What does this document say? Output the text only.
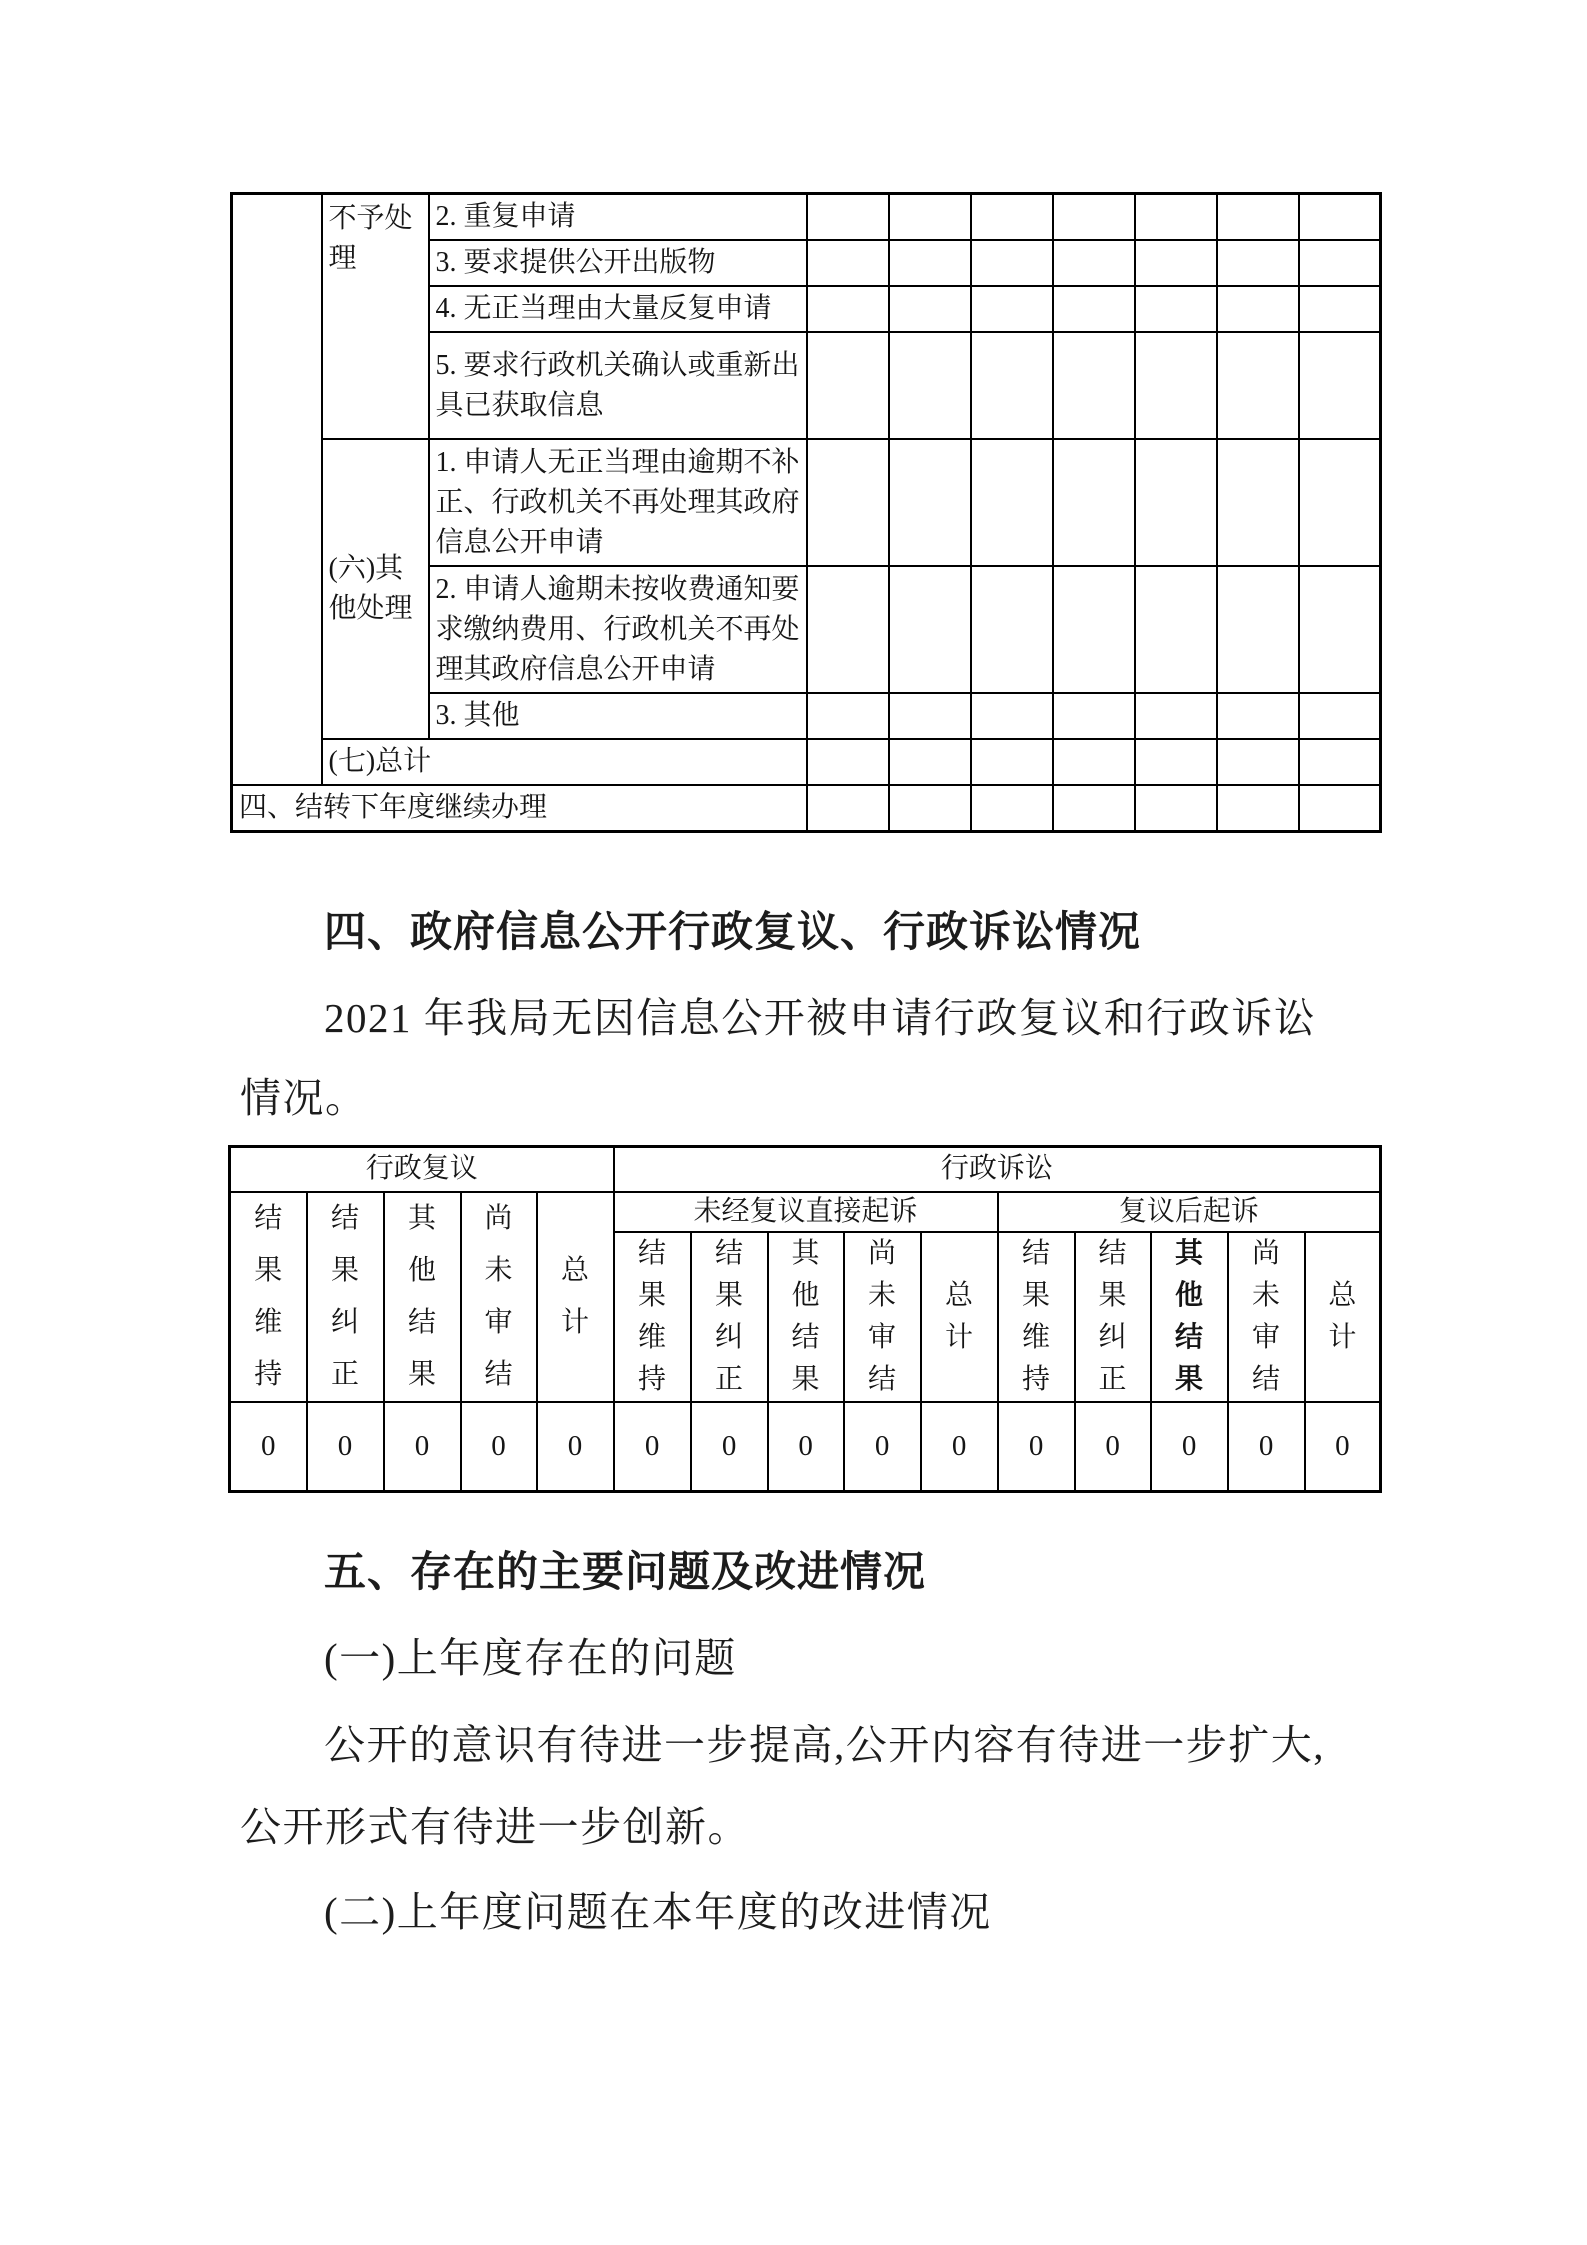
	不予处理	2. 重复申请							
		3. 要求提供公开出版物							
		4. 无正当理由大量反复申请							
		5. 要求行政机关确认或重新出具已获取信息							
	(六)其他处理	1. 申请人无正当理由逾期不补正、行政机关不再处理其政府信息公开申请							
		2. 申请人逾期未按收费通知要求缴纳费用、行政机关不再处理其政府信息公开申请							
		3. 其他							
	(七)总计								
四、结转下年度继续办理									
四、政府信息公开行政复议、行政诉讼情况
2021 年我局无因信息公开被申请行政复议和行政诉讼
情况。
行政复议					行政诉讼									
结果维持	结果纠正	其他结果	尚未审结	总计	未经复议直接起诉					复议后起诉				
					结果维持	结果纠正	其他结果	尚未审结	总计	结果维持	结果纠正	其他结果	尚未审结	总计
0	0	0	0	0	0	0	0	0	0	0	0	0	0	0
五、存在的主要问题及改进情况
(一)上年度存在的问题
公开的意识有待进一步提高,公开内容有待进一步扩大,
公开形式有待进一步创新。
(二)上年度问题在本年度的改进情况
